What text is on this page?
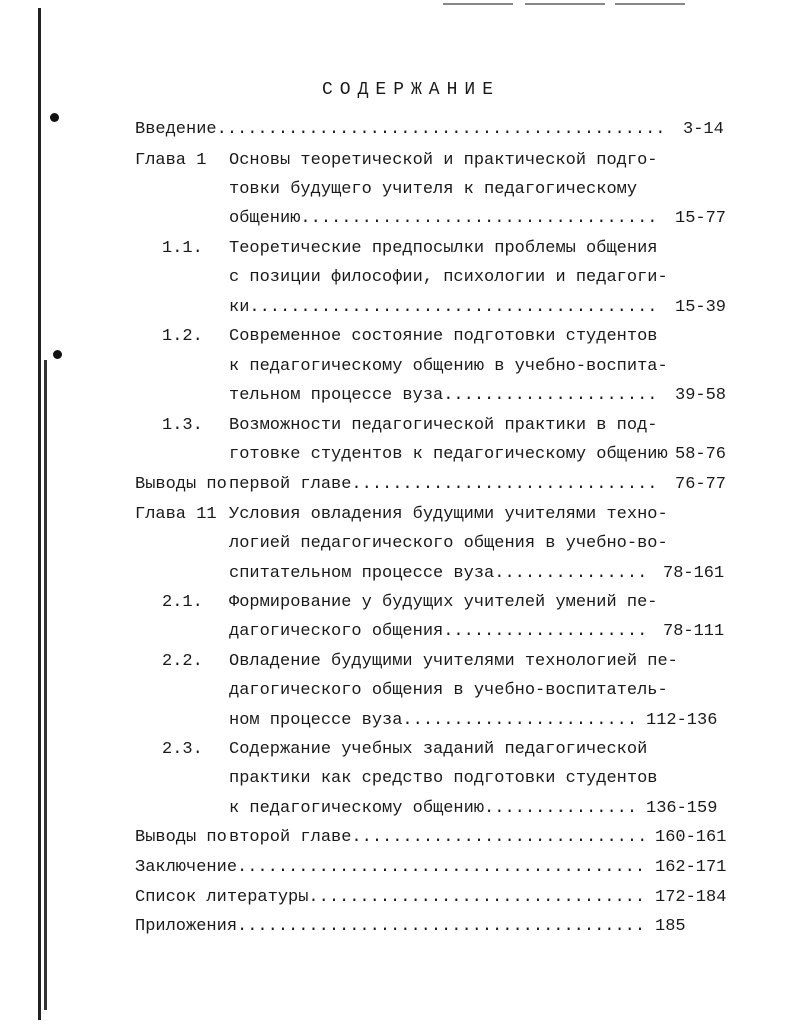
СОДЕРЖАНИЕ
Введение............................................ 3-14
Глава 1 Основы теоретической и практической подго-
товки будущего учителя к педагогическому
общению................................... 15-77
1.1. Теоретические предпосылки проблемы общения
с позиции философии, психологии и педагоги-
ки........................................ 15-39
1.2. Современное состояние подготовки студентов
к педагогическому общению в учебно-воспита-
тельном процессе вуза..................... 39-58
1.3. Возможности педагогической практики в под-
готовке студентов к педагогическому общению 58-76
Выводы по первой главе.............................. 76-77
Глава 11 Условия овладения будущими учителями техно-
логией педагогического общения в учебно-во-
спитательном процессе вуза............... 78-161
2.1. Формирование у будущих учителей умений пе-
дагогического общения.................... 78-111
2.2. Овладение будущими учителями технологией пе-
дагогического общения в учебно-воспитатель-
ном процессе вуза....................... 112-136
2.3. Содержание учебных заданий педагогической
практики как средство подготовки студентов
к педагогическому общению............... 136-159
Выводы по второй главе............................. 160-161
Заключение........................................ 162-171
Список литературы................................. 172-184
Приложения........................................ 185
